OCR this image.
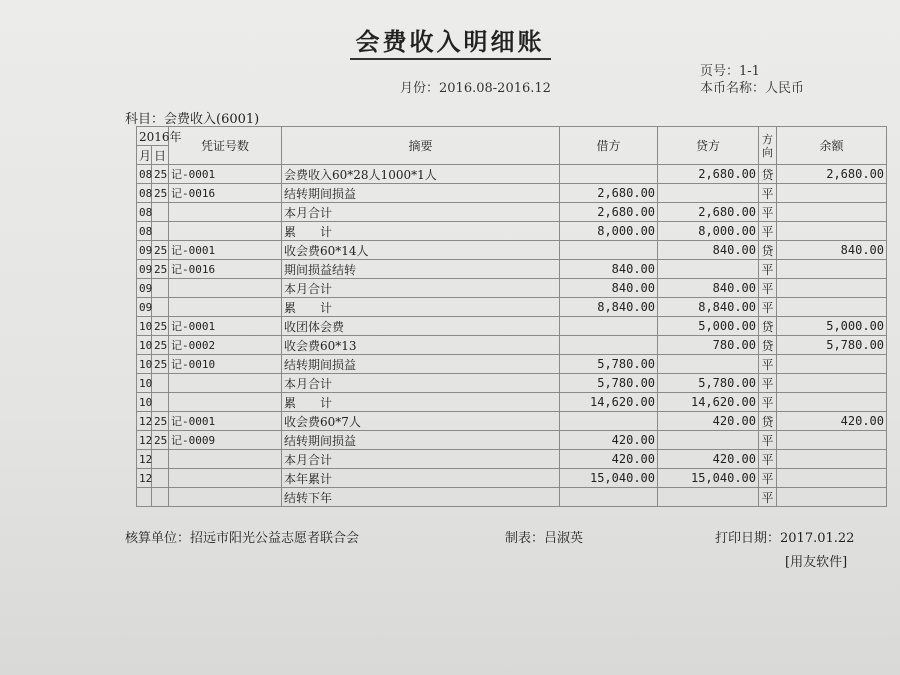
会费收入明细账
页号：1-1
月份：2016.08-2016.12	本币名称：人民币
科目：会费收入(6001)
2016年		凭证号数	摘要	借方	贷方	方向	余额
月	日						
08	25	记-0001	会费收入60*28人1000*1人		2,680.00	贷	2,680.00
08	25	记-0016	结转期间损益	2,680.00		平	
08			本月合计	2,680.00	2,680.00	平	
08			累　　计	8,000.00	8,000.00	平	
09	25	记-0001	收会费60*14人		840.00	贷	840.00
09	25	记-0016	期间损益结转	840.00		平	
09			本月合计	840.00	840.00	平	
09			累　　计	8,840.00	8,840.00	平	
10	25	记-0001	收团体会费		5,000.00	贷	5,000.00
10	25	记-0002	收会费60*13		780.00	贷	5,780.00
10	25	记-0010	结转期间损益	5,780.00		平	
10			本月合计	5,780.00	5,780.00	平	
10			累　　计	14,620.00	14,620.00	平	
12	25	记-0001	收会费60*7人		420.00	贷	420.00
12	25	记-0009	结转期间损益	420.00		平	
12			本月合计	420.00	420.00	平	
12			本年累计	15,040.00	15,040.00	平	
			结转下年			平	
核算单位：招远市阳光公益志愿者联合会	制表：吕淑英	打印日期：2017.01.22
[用友软件]
